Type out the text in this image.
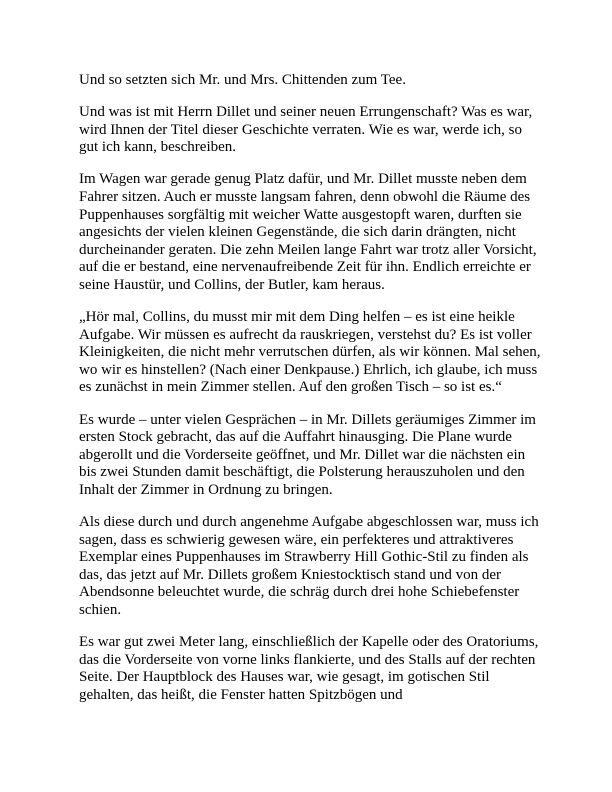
Und so setzten sich Mr. und Mrs. Chittenden zum Tee.

Und was ist mit Herrn Dillet und seiner neuen Errungenschaft? Was es war, wird Ihnen der Titel dieser Geschichte verraten. Wie es war, werde ich, so gut ich kann, beschreiben.

Im Wagen war gerade genug Platz dafür, und Mr. Dillet musste neben dem Fahrer sitzen. Auch er musste langsam fahren, denn obwohl die Räume des Puppenhauses sorgfältig mit weicher Watte ausgestopft waren, durften sie angesichts der vielen kleinen Gegenstände, die sich darin drängten, nicht durcheinander geraten. Die zehn Meilen lange Fahrt war trotz aller Vorsicht, auf die er bestand, eine nervenaufreibende Zeit für ihn. Endlich erreichte er seine Haustür, und Collins, der Butler, kam heraus.

„Hör mal, Collins, du musst mir mit dem Ding helfen – es ist eine heikle Aufgabe. Wir müssen es aufrecht da rauskriegen, verstehst du? Es ist voller Kleinigkeiten, die nicht mehr verrutschen dürfen, als wir können. Mal sehen, wo wir es hinstellen? (Nach einer Denkpause.) Ehrlich, ich glaube, ich muss es zunächst in mein Zimmer stellen. Auf den großen Tisch – so ist es.“

Es wurde – unter vielen Gesprächen – in Mr. Dillets geräumiges Zimmer im ersten Stock gebracht, das auf die Auffahrt hinausging. Die Plane wurde abgerollt und die Vorderseite geöffnet, und Mr. Dillet war die nächsten ein bis zwei Stunden damit beschäftigt, die Polsterung herauszuholen und den Inhalt der Zimmer in Ordnung zu bringen.

Als diese durch und durch angenehme Aufgabe abgeschlossen war, muss ich sagen, dass es schwierig gewesen wäre, ein perfekteres und attraktiveres Exemplar eines Puppenhauses im Strawberry Hill Gothic-Stil zu finden als das, das jetzt auf Mr. Dillets großem Kniestocktisch stand und von der Abendsonne beleuchtet wurde, die schräg durch drei hohe Schiebefenster schien.

Es war gut zwei Meter lang, einschließlich der Kapelle oder des Oratoriums, das die Vorderseite von vorne links flankierte, und des Stalls auf der rechten Seite. Der Hauptblock des Hauses war, wie gesagt, im gotischen Stil gehalten, das heißt, die Fenster hatten Spitzbögen und
